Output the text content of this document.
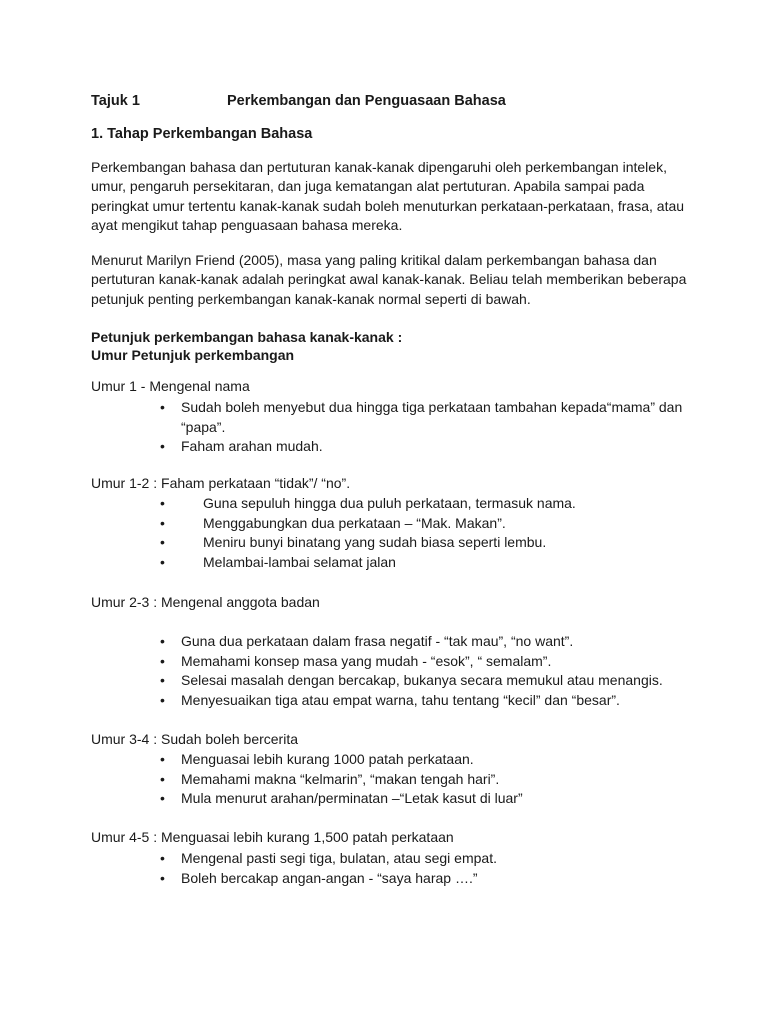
Tajuk 1	Perkembangan dan Penguasaan Bahasa
1. Tahap Perkembangan Bahasa
Perkembangan bahasa dan pertuturan kanak-kanak dipengaruhi oleh perkembangan intelek, umur, pengaruh persekitaran, dan juga kematangan alat pertuturan. Apabila sampai pada peringkat umur tertentu kanak-kanak sudah boleh menuturkan perkataan-perkataan, frasa, atau ayat mengikut tahap penguasaan bahasa mereka.
Menurut Marilyn Friend (2005), masa yang paling kritikal dalam perkembangan bahasa dan pertuturan kanak-kanak adalah peringkat awal kanak-kanak. Beliau telah memberikan beberapa petunjuk penting perkembangan kanak-kanak normal seperti di bawah.
Petunjuk perkembangan bahasa kanak-kanak :
Umur Petunjuk perkembangan
Umur 1 - Mengenal nama
• Sudah boleh menyebut dua hingga tiga perkataan tambahan kepada“mama” dan “papa”.
• Faham arahan mudah.
Umur 1-2 : Faham perkataan “tidak”/ “no”.
•	Guna sepuluh hingga dua puluh perkataan, termasuk nama.
•	Menggabungkan dua perkataan – “Mak. Makan”.
•	Meniru bunyi binatang yang sudah biasa seperti lembu.
•	Melambai-lambai selamat jalan
Umur 2-3 : Mengenal anggota badan
• Guna dua perkataan dalam frasa negatif - “tak mau”, “no want”.
• Memahami konsep masa yang mudah - “esok”, “ semalam”.
• Selesai masalah dengan bercakap, bukanya secara memukul atau menangis.
• Menyesuaikan tiga atau empat warna, tahu tentang “kecil” dan “besar”.
Umur 3-4 : Sudah boleh bercerita
• Menguasai lebih kurang 1000 patah perkataan.
• Memahami makna “kelmarin”, “makan tengah hari”.
• Mula menurut arahan/perminatan –“Letak kasut di luar”
Umur 4-5 : Menguasai lebih kurang 1,500 patah perkataan
• Mengenal pasti segi tiga, bulatan, atau segi empat.
• Boleh bercakap angan-angan - “saya harap ….”
